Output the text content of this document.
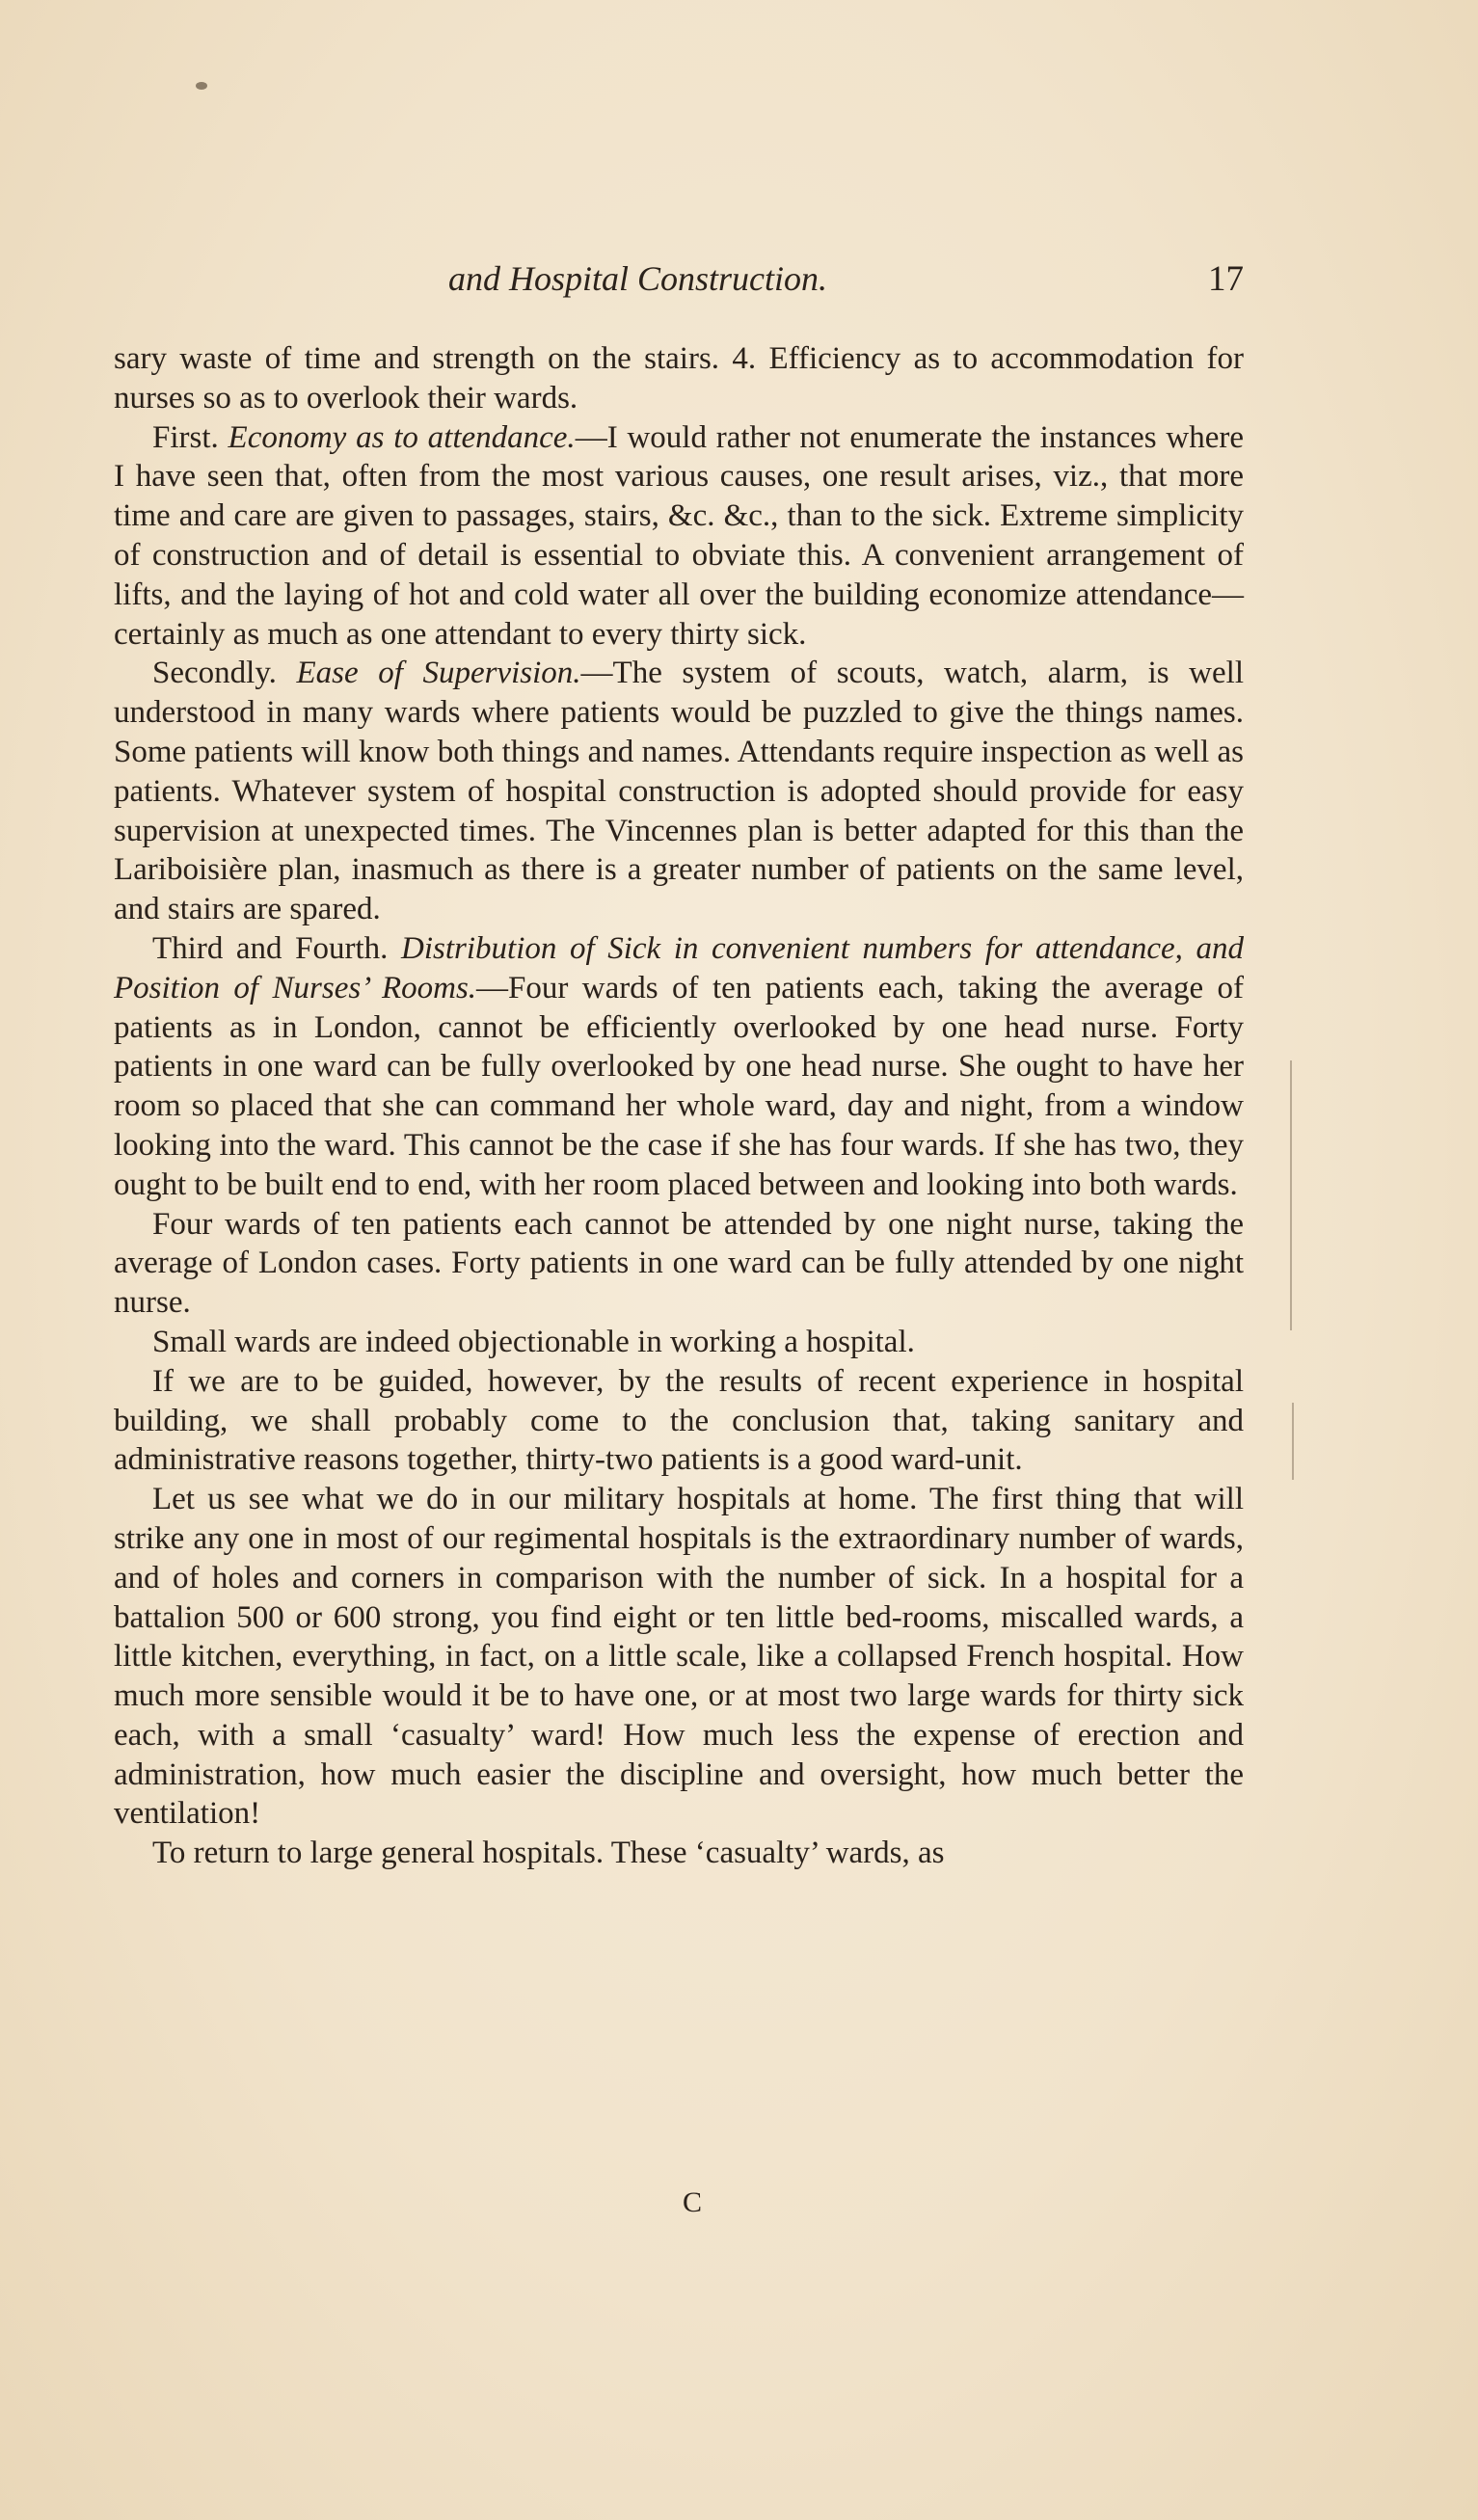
and Hospital Construction.	17

sary waste of time and strength on the stairs. 4. Efficiency as to accommodation for nurses so as to overlook their wards.

First. Economy as to attendance.—I would rather not enumerate the instances where I have seen that, often from the most various causes, one result arises, viz., that more time and care are given to passages, stairs, &c. &c., than to the sick. Extreme simplicity of construction and of detail is essential to obviate this. A convenient arrangement of lifts, and the laying of hot and cold water all over the building economize attendance—certainly as much as one attendant to every thirty sick.

Secondly. Ease of Supervision.—The system of scouts, watch, alarm, is well understood in many wards where patients would be puzzled to give the things names. Some patients will know both things and names. Attendants require inspection as well as patients. Whatever system of hospital construction is adopted should provide for easy supervision at unexpected times. The Vincennes plan is better adapted for this than the Lariboisière plan, inasmuch as there is a greater number of patients on the same level, and stairs are spared.

Third and Fourth. Distribution of Sick in convenient numbers for attendance, and Position of Nurses’ Rooms.—Four wards of ten patients each, taking the average of patients as in London, cannot be efficiently overlooked by one head nurse. Forty patients in one ward can be fully overlooked by one head nurse. She ought to have her room so placed that she can command her whole ward, day and night, from a window looking into the ward. This cannot be the case if she has four wards. If she has two, they ought to be built end to end, with her room placed between and looking into both wards.

Four wards of ten patients each cannot be attended by one night nurse, taking the average of London cases. Forty patients in one ward can be fully attended by one night nurse.

Small wards are indeed objectionable in working a hospital.

If we are to be guided, however, by the results of recent experience in hospital building, we shall probably come to the conclusion that, taking sanitary and administrative reasons together, thirty-two patients is a good ward-unit.

Let us see what we do in our military hospitals at home. The first thing that will strike any one in most of our regimental hospitals is the extraordinary number of wards, and of holes and corners in comparison with the number of sick. In a hospital for a battalion 500 or 600 strong, you find eight or ten little bed-rooms, miscalled wards, a little kitchen, everything, in fact, on a little scale, like a collapsed French hospital. How much more sensible would it be to have one, or at most two large wards for thirty sick each, with a small ‘casualty’ ward! How much less the expense of erection and administration, how much easier the discipline and oversight, how much better the ventilation!

To return to large general hospitals. These ‘casualty’ wards, as

C
